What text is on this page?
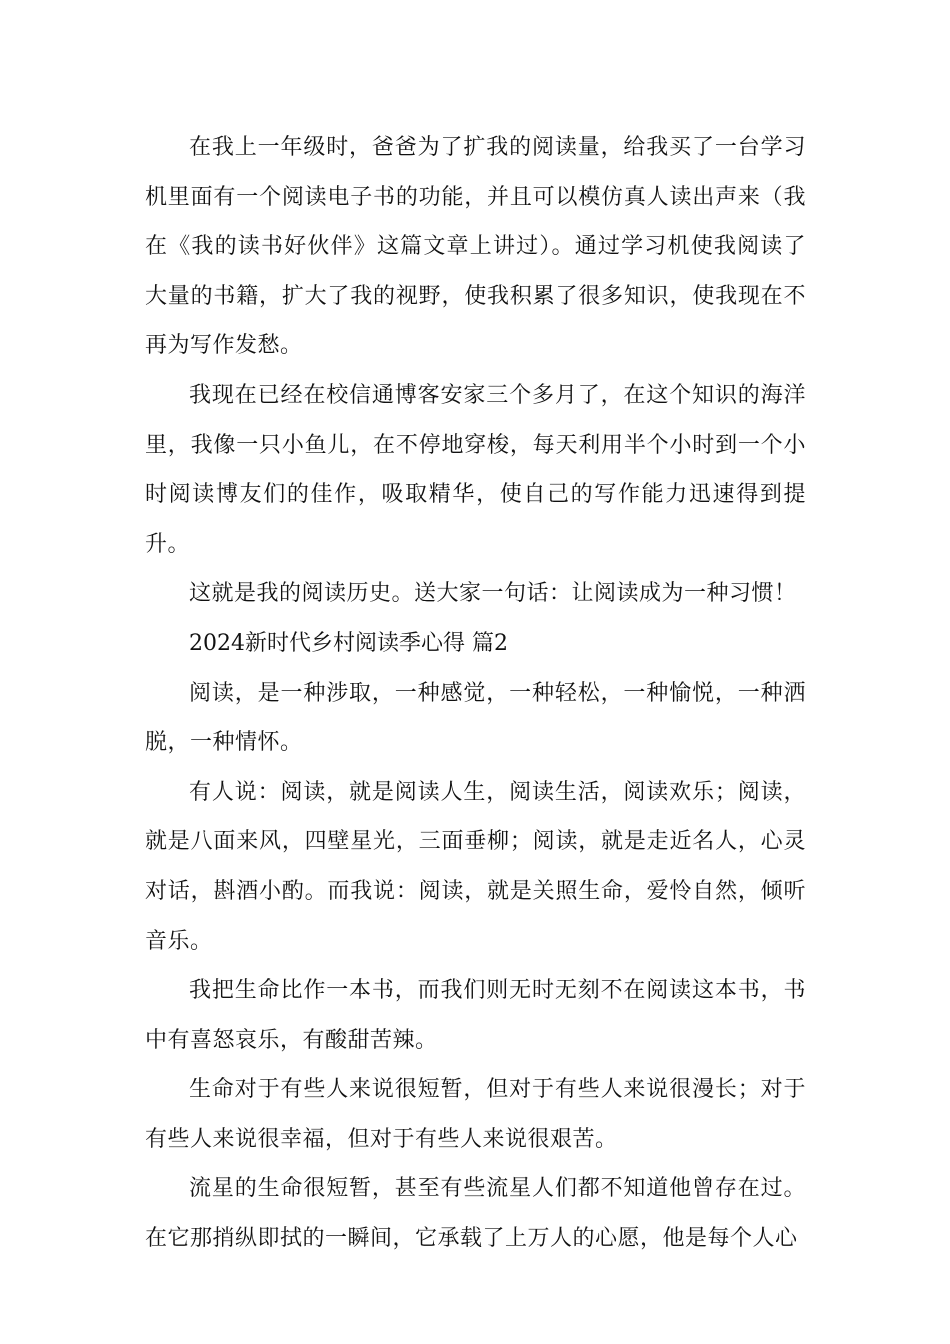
在我上一年级时，爸爸为了扩我的阅读量，给我买了一台学习机里面有一个阅读电子书的功能，并且可以模仿真人读出声来（我在《我的读书好伙伴》这篇文章上讲过）。通过学习机使我阅读了大量的书籍，扩大了我的视野，使我积累了很多知识，使我现在不再为写作发愁。

我现在已经在校信通博客安家三个多月了，在这个知识的海洋里，我像一只小鱼儿，在不停地穿梭，每天利用半个小时到一个小时阅读博友们的佳作，吸取精华，使自己的写作能力迅速得到提升。

这就是我的阅读历史。送大家一句话：让阅读成为一种习惯！

2024新时代乡村阅读季心得 篇2

阅读，是一种涉取，一种感觉，一种轻松，一种愉悦，一种洒脱，一种情怀。

有人说：阅读，就是阅读人生，阅读生活，阅读欢乐；阅读，就是八面来风，四壁星光，三面垂柳；阅读，就是走近名人，心灵对话，斟酒小酌。而我说：阅读，就是关照生命，爱怜自然，倾听音乐。

我把生命比作一本书，而我们则无时无刻不在阅读这本书，书中有喜怒哀乐，有酸甜苦辣。

生命对于有些人来说很短暂，但对于有些人来说很漫长；对于有些人来说很幸福，但对于有些人来说很艰苦。

流星的生命很短暂，甚至有些流星人们都不知道他曾存在过。在它那捎纵即拭的一瞬间，它承载了上万人的心愿，他是每个人心
